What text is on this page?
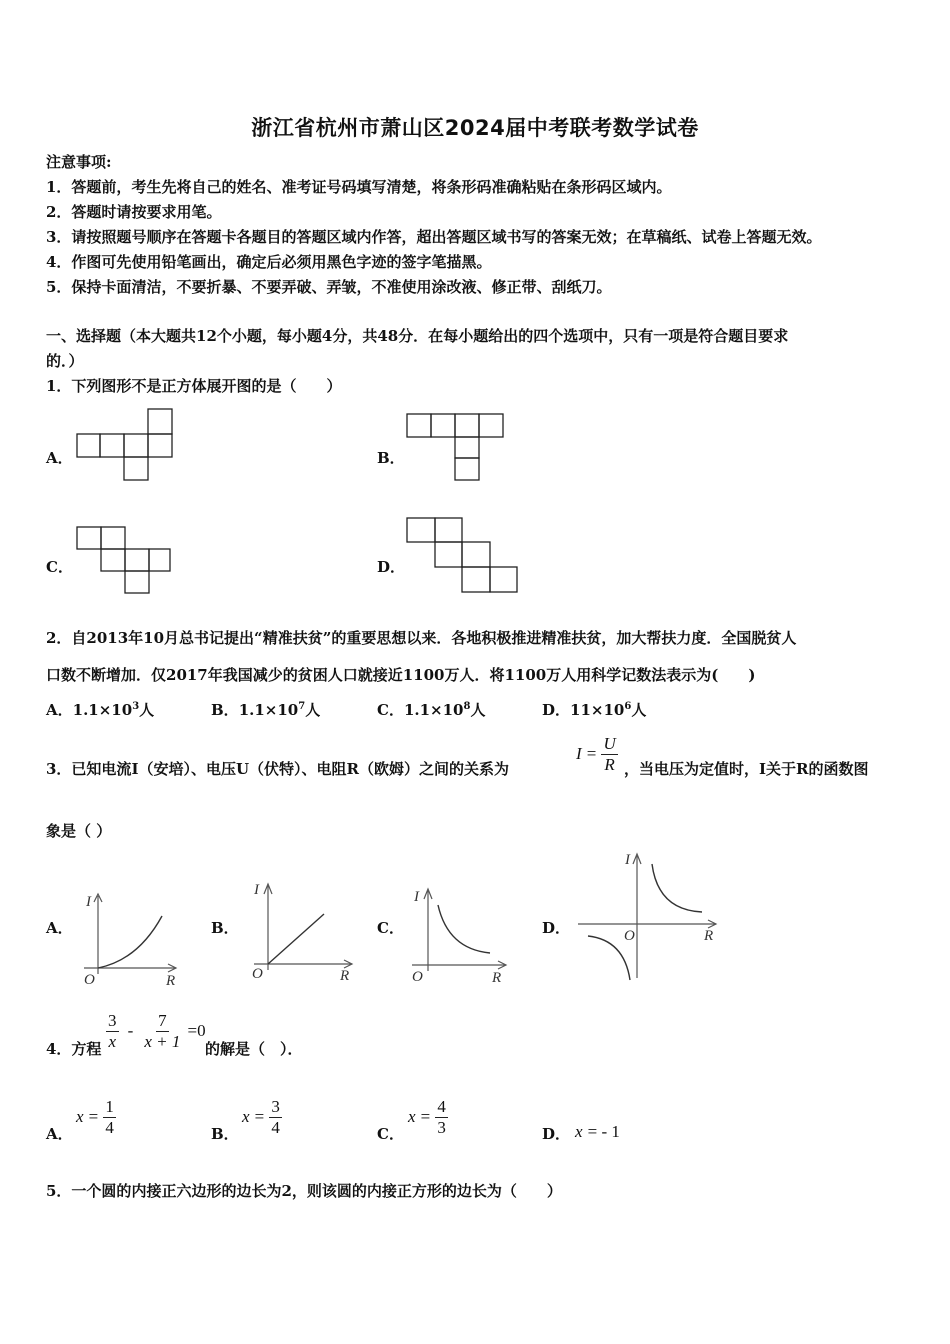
浙江省杭州市萧山区2024届中考联考数学试卷
注意事项:
1．答题前，考生先将自己的姓名、准考证号码填写清楚，将条形码准确粘贴在条形码区域内。
2．答题时请按要求用笔。
3．请按照题号顺序在答题卡各题目的答题区域内作答，超出答题区域书写的答案无效；在草稿纸、试卷上答题无效。
4．作图可先使用铅笔画出，确定后必须用黑色字迹的签字笔描黑。
5．保持卡面清洁，不要折暴、不要弄破、弄皱，不准使用涂改液、修正带、刮纸刀。
一、选择题（本大题共12个小题，每小题4分，共48分．在每小题给出的四个选项中，只有一项是符合题目要求
的．）
1．下列图形不是正方体展开图的是（　　）
A．	B．
C．	D．
2．自2013年10月总书记提出“精准扶贫”的重要思想以来．各地积极推进精准扶贫，加大帮扶力度．全国脱贫人
口数不断增加．仅2017年我国减少的贫困人口就接近1100万人．将1100万人用科学记数法表示为(　　)
A．$1.1\times 10^3$人	B．$1.1\times 10^7$人	C．$1.1\times 10^8$人	D．$11\times 10^6$人
3．已知电流I（安培）、电压U（伏特）、电阻R（欧姆）之间的关系为
$I = \frac{U}{R}$ ，当电压为定值时，I关于R的函数图
象是（ ）
A．
I
O	R
B．
I
O	R
C．
I
O	R
D．
I
O	R
4．方程 $\frac{3}{x} - \frac{7}{x + 1} =0$
的解是（　）．
A．
$x = \frac{1}{4}$	B．
$x = \frac{3}{4}$	C．
$x = \frac{4}{3}$	D． x = - 1
5．一个圆的内接正六边形的边长为2，则该圆的内接正方形的边长为（　　）
